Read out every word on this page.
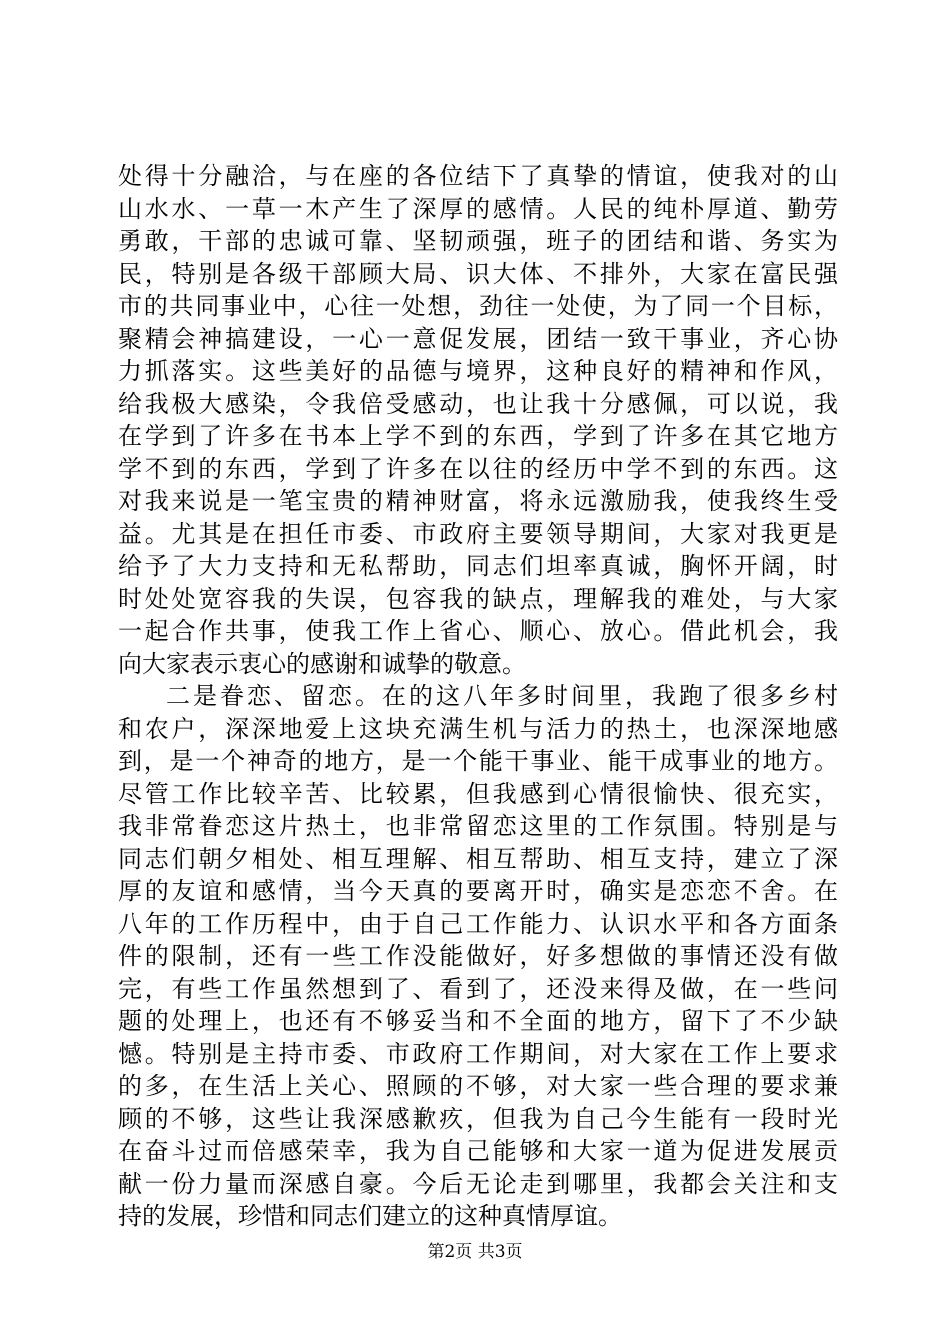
处得十分融洽，与在座的各位结下了真挚的情谊，使我对的山
山水水、一草一木产生了深厚的感情。人民的纯朴厚道、勤劳
勇敢，干部的忠诚可靠、坚韧顽强，班子的团结和谐、务实为
民，特别是各级干部顾大局、识大体、不排外，大家在富民强
市的共同事业中，心往一处想，劲往一处使，为了同一个目标，
聚精会神搞建设，一心一意促发展，团结一致干事业，齐心协
力抓落实。这些美好的品德与境界，这种良好的精神和作风，
给我极大感染，令我倍受感动，也让我十分感佩，可以说，我
在学到了许多在书本上学不到的东西，学到了许多在其它地方
学不到的东西，学到了许多在以往的经历中学不到的东西。这
对我来说是一笔宝贵的精神财富，将永远激励我，使我终生受
益。尤其是在担任市委、市政府主要领导期间，大家对我更是
给予了大力支持和无私帮助，同志们坦率真诚，胸怀开阔，时
时处处宽容我的失误，包容我的缺点，理解我的难处，与大家
一起合作共事，使我工作上省心、顺心、放心。借此机会，我
向大家表示衷心的感谢和诚挚的敬意。
二是眷恋、留恋。在的这八年多时间里，我跑了很多乡村
和农户，深深地爱上这块充满生机与活力的热土，也深深地感
到，是一个神奇的地方，是一个能干事业、能干成事业的地方。
尽管工作比较辛苦、比较累，但我感到心情很愉快、很充实，
我非常眷恋这片热土，也非常留恋这里的工作氛围。特别是与
同志们朝夕相处、相互理解、相互帮助、相互支持，建立了深
厚的友谊和感情，当今天真的要离开时，确实是恋恋不舍。在
八年的工作历程中，由于自己工作能力、认识水平和各方面条
件的限制，还有一些工作没能做好，好多想做的事情还没有做
完，有些工作虽然想到了、看到了，还没来得及做，在一些问
题的处理上，也还有不够妥当和不全面的地方，留下了不少缺
憾。特别是主持市委、市政府工作期间，对大家在工作上要求
的多，在生活上关心、照顾的不够，对大家一些合理的要求兼
顾的不够，这些让我深感歉疚，但我为自己今生能有一段时光
在奋斗过而倍感荣幸，我为自己能够和大家一道为促进发展贡
献一份力量而深感自豪。今后无论走到哪里，我都会关注和支
持的发展，珍惜和同志们建立的这种真情厚谊。
第2页 共3页
